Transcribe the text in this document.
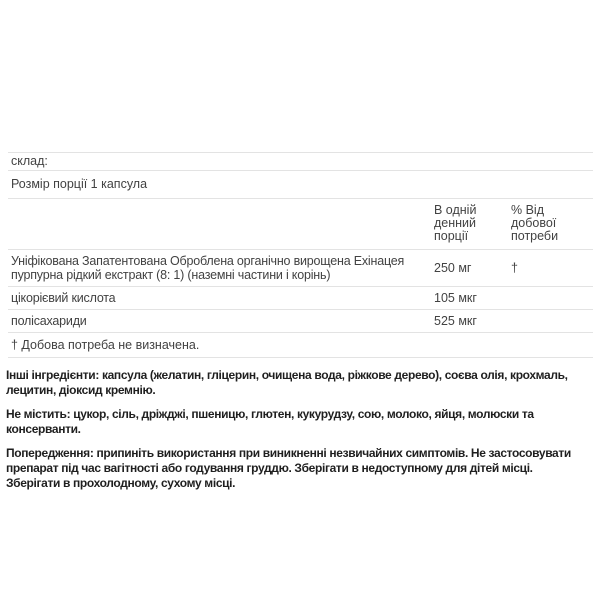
склад:
Розмір порції 1 капсула
	В одній денний порції	% Від добової потреби
Уніфікована Запатентована Оброблена органічно вирощена Ехінацея пурпурна рідкий екстракт (8: 1) (наземні частини і корінь)	250 мг	†
цікорієвий кислота	105 мкг	
полісахариди	525 мкг	
† Добова потреба не визначена.		

Інші інгредієнти: капсула (желатин, гліцерин, очищена вода, ріжкове дерево), соєва олія, крохмаль, лецитин, діоксид кремнію.

Не містить: цукор, сіль, дріжджі, пшеницю, глютен, кукурудзу, сою, молоко, яйця, молюски та консерванти.

Попередження: припиніть використання при виникненні незвичайних симптомів. Не застосовувати препарат під час вагітності або годування груддю. Зберігати в недоступному для дітей місці. Зберігати в прохолодному, сухому місці.
